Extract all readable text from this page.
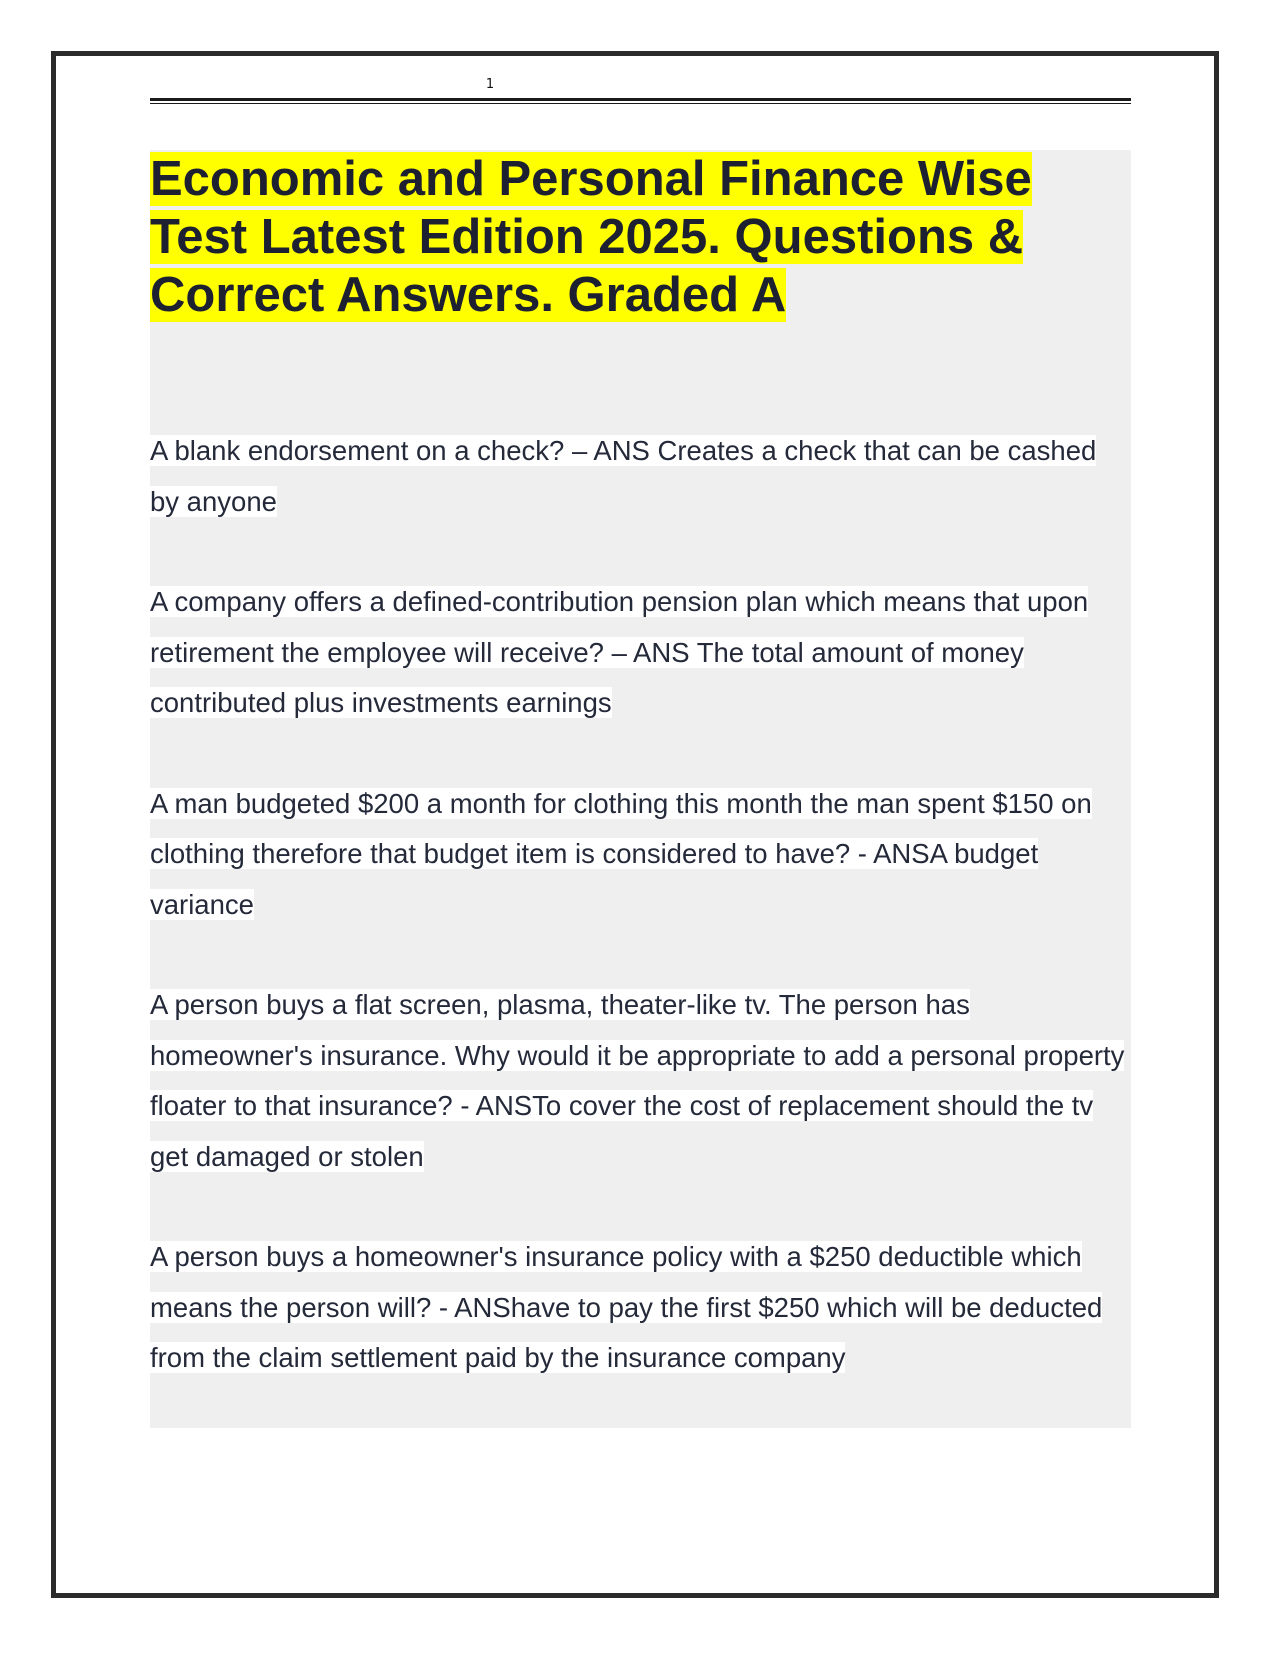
1
Economic and Personal Finance Wise Test Latest Edition 2025. Questions & Correct Answers. Graded A
A blank endorsement on a check? – ANS Creates a check that can be cashed by anyone
A company offers a defined-contribution pension plan which means that upon retirement the employee will receive? – ANS The total amount of money contributed plus investments earnings
A man budgeted $200 a month for clothing this month the man spent $150 on clothing therefore that budget item is considered to have? - ANSA budget variance
A person buys a flat screen, plasma, theater-like tv. The person has homeowner's insurance. Why would it be appropriate to add a personal property floater to that insurance? - ANSTo cover the cost of replacement should the tv get damaged or stolen
A person buys a homeowner's insurance policy with a $250 deductible which means the person will? - ANShave to pay the first $250 which will be deducted from the claim settlement paid by the insurance company
